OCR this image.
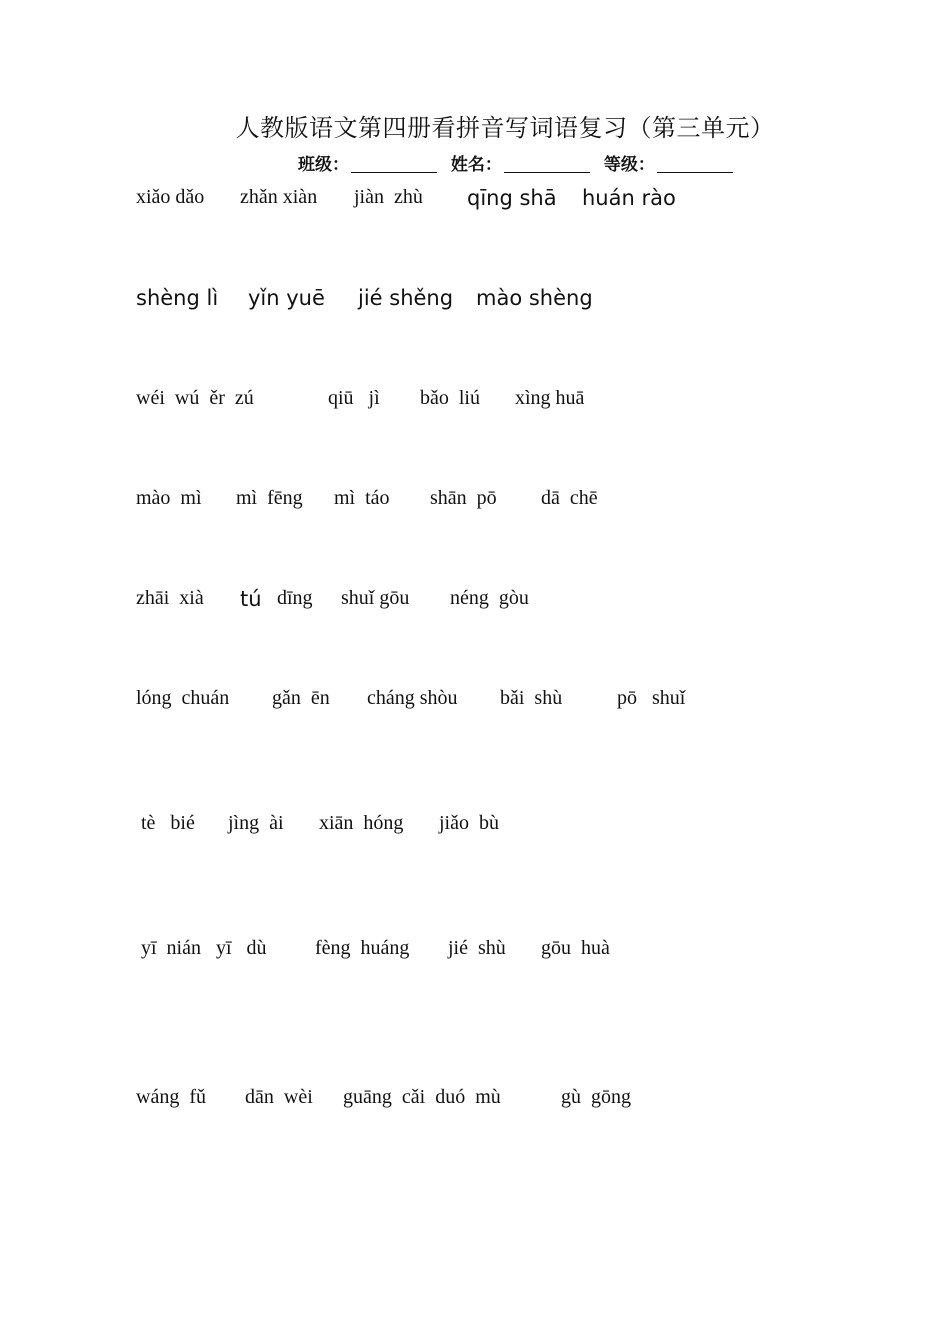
人教版语文第四册看拼音写词语复习（第三单元）
班级：	姓名：	等级：
xiǎo dǎo zhǎn xiàn jiàn  zhù qīng shā huán rào
shèng lì yǐn yuē jié shěng mào shèng
wéi  wú  ěr  zú	qiū   jì bǎo  liú xìng huā
mào  mì mì  fēng mì  táo shān  pō dā  chē
zhāi  xià tú dīng shuǐ gōu néng  gòu
lóng  chuán gǎn  ēn cháng shòu bǎi  shù	pō   shuǐ
tè   bié jìng  ài xiān  hóng jiǎo  bù
yī  nián   yī   dù fèng  huáng jié  shù gōu  huà
wáng  fǔ dān  wèi guāng  cǎi  duó  mù	gù  gōng
